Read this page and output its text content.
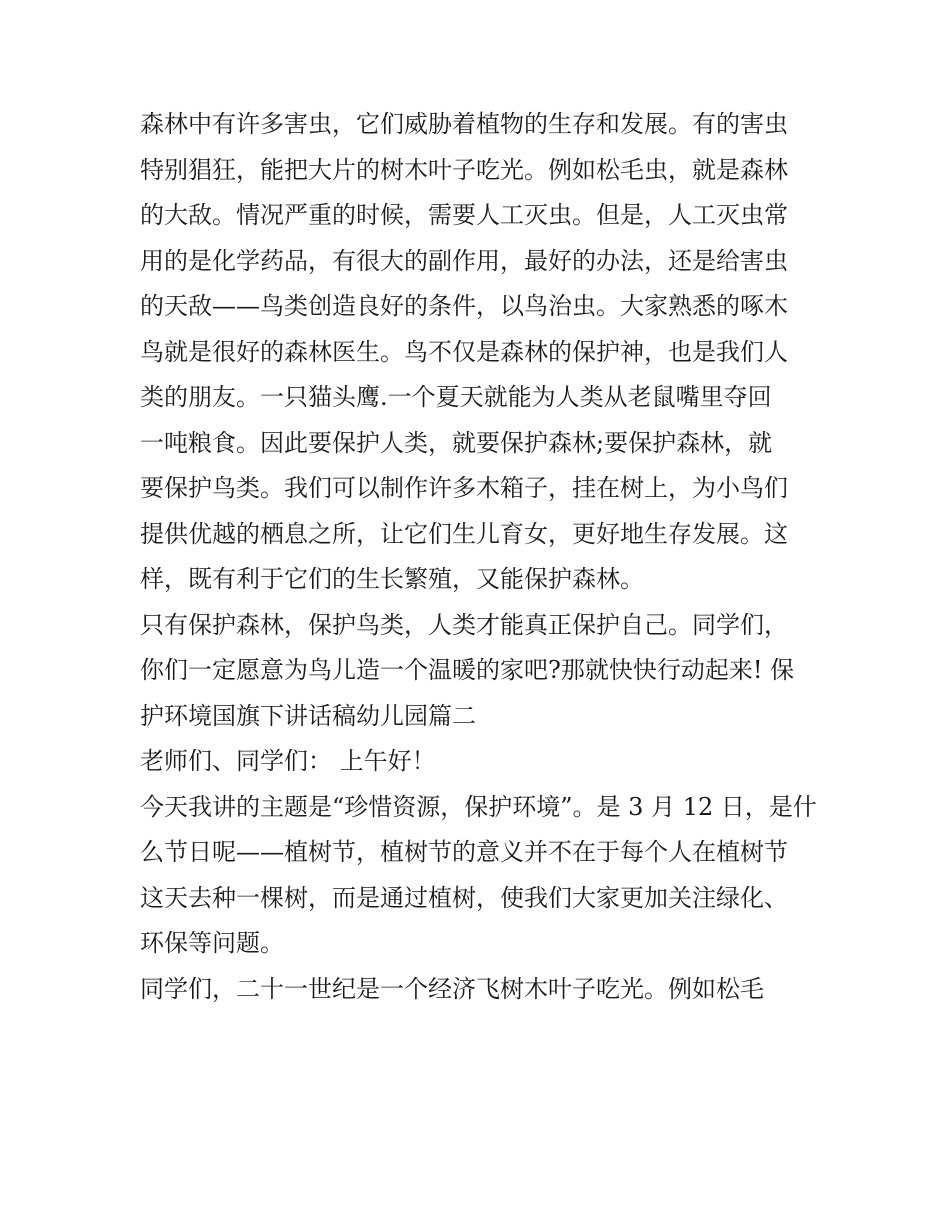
森林中有许多害虫，它们威胁着植物的生存和发展。有的害虫
特别猖狂，能把大片的树木叶子吃光。例如松毛虫，就是森林
的大敌。情况严重的时候，需要人工灭虫。但是，人工灭虫常
用的是化学药品，有很大的副作用，最好的办法，还是给害虫
的天敌——鸟类创造良好的条件，以鸟治虫。大家熟悉的啄木
鸟就是很好的森林医生。鸟不仅是森林的保护神，也是我们人
类的朋友。一只猫头鹰.一个夏天就能为人类从老鼠嘴里夺回
一吨粮食。因此要保护人类，就要保护森林;要保护森林，就
要保护鸟类。我们可以制作许多木箱子，挂在树上，为小鸟们
提供优越的栖息之所，让它们生儿育女，更好地生存发展。这
样，既有利于它们的生长繁殖，又能保护森林。
只有保护森林，保护鸟类，人类才能真正保护自己。同学们，
你们一定愿意为鸟儿造一个温暖的家吧?那就快快行动起来! 保
护环境国旗下讲话稿幼儿园篇二
老师们、同学们： 上午好！
今天我讲的主题是“珍惜资源，保护环境”。是 3 月 12 日，是什
么节日呢——植树节，植树节的意义并不在于每个人在植树节
这天去种一棵树，而是通过植树，使我们大家更加关注绿化、
环保等问题。
同学们，二十一世纪是一个经济飞树木叶子吃光。例如松毛
